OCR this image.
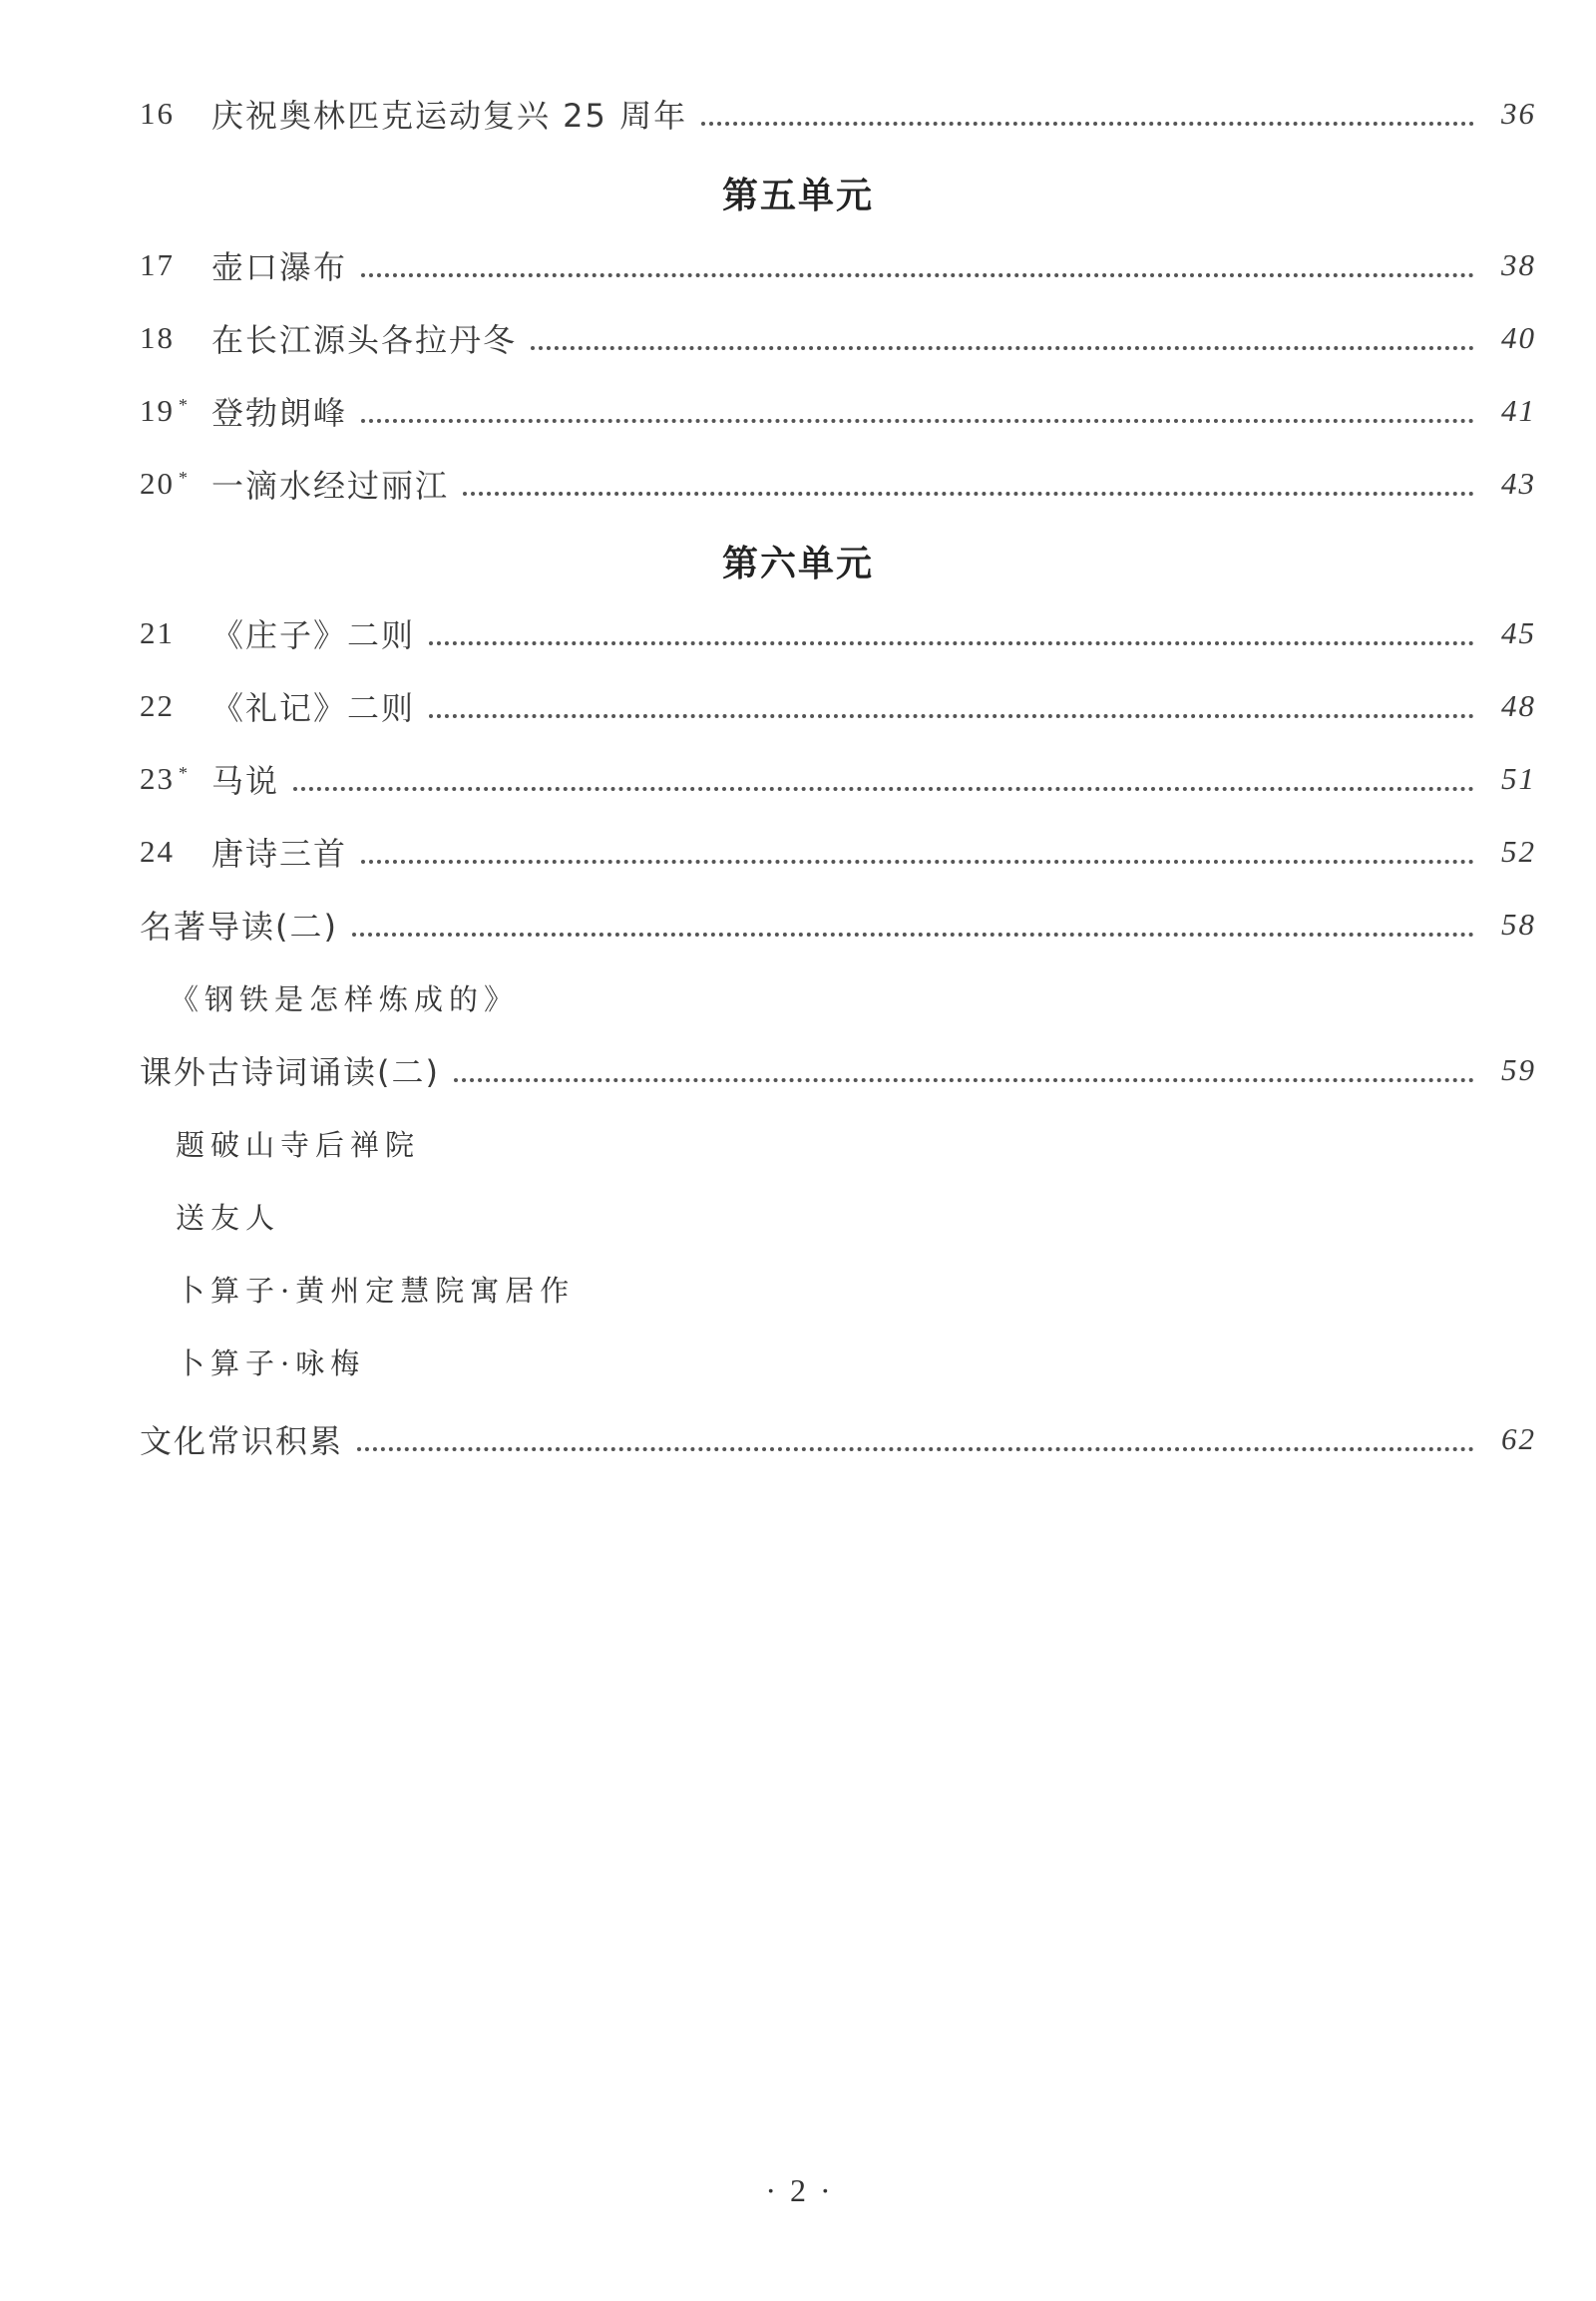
16	庆祝奥林匹克运动复兴 25 周年	36
第五单元
17	壶口瀑布	38
18	在长江源头各拉丹冬	40
19 * 登勃朗峰	41
20 * 一滴水经过丽江	43
第六单元
21	《庄子》二则	45
22	《礼记》二则	48
23 * 马说	51
24	唐诗三首	52
名著导读(二)	58
《钢铁是怎样炼成的》
课外古诗词诵读(二)	59
题破山寺后禅院
送友人
卜算子·黄州定慧院寓居作
卜算子·咏梅
文化常识积累	62
· 2 ·
